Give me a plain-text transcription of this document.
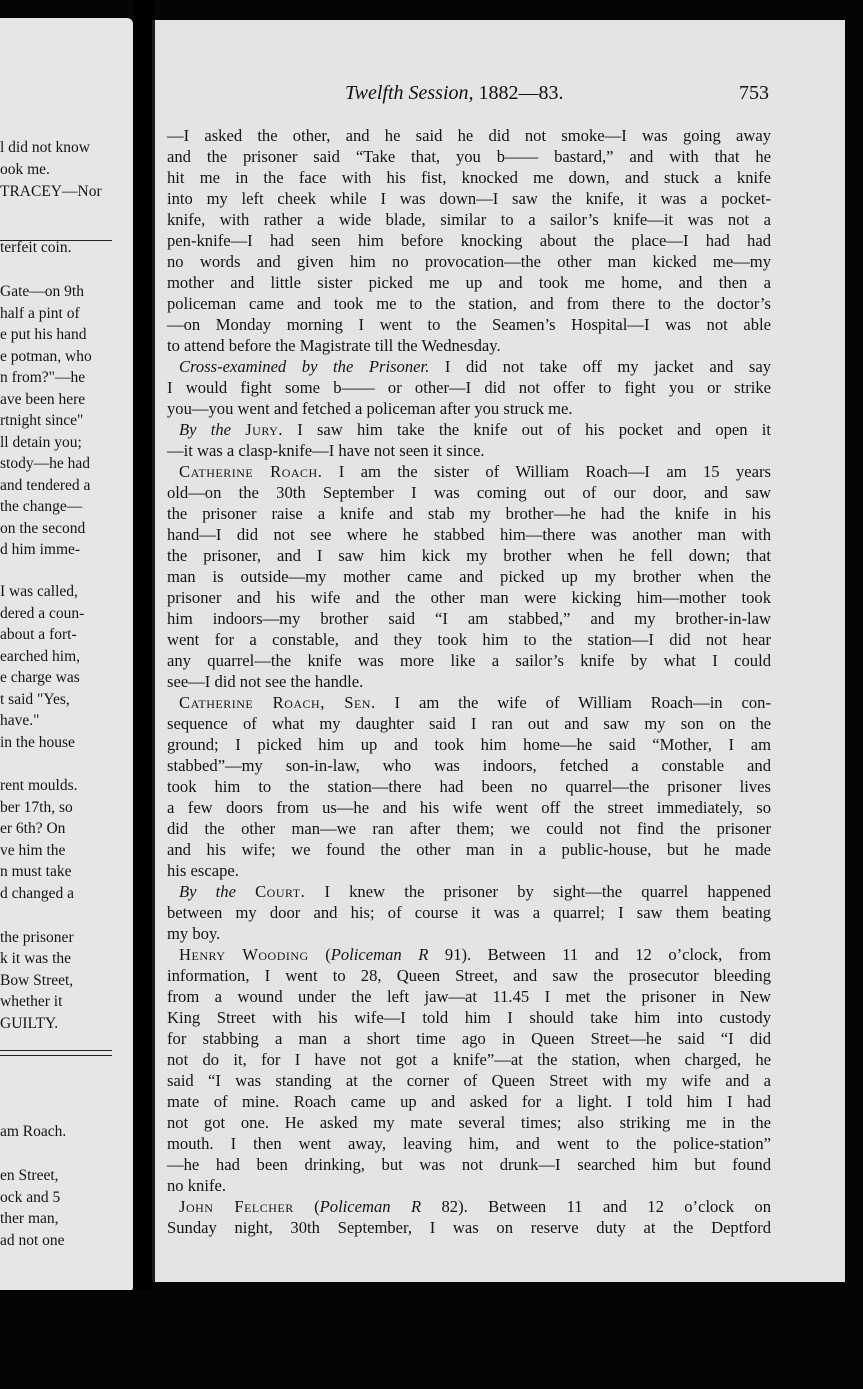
l did not know
ook me.
TRACEY—Nor
terfeit coin.
Gate—on 9th
half a pint of
e put his hand
e potman, who
n from?"—he
ave been here
rtnight since"
ll detain you;
stody—he had
and tendered a
the change—
on the second
d him imme-
I was called,
dered a coun-
about a fort-
earched him,
e charge was
t said "Yes,
have."
in the house
rent moulds.
ber 17th, so
er 6th? On
ve him the
n must take
d changed a
the prisoner
k it was the
Bow Street,
whether it
GUILTY.
am Roach.
en Street,
ock and 5
ther man,
ad not one
Twelfth Session, 1882—83.	753
—I asked the other, and he said he did not smoke—I was going away
and the prisoner said “Take that, you b—— bastard,” and with that he
hit me in the face with his fist, knocked me down, and stuck a knife
into my left cheek while I was down—I saw the knife, it was a pocket-
knife, with rather a wide blade, similar to a sailor’s knife—it was not a
pen-knife—I had seen him before knocking about the place—I had had
no words and given him no provocation—the other man kicked me—my
mother and little sister picked me up and took me home, and then a
policeman came and took me to the station, and from there to the doctor’s
—on Monday morning I went to the Seamen’s Hospital—I was not able
to attend before the Magistrate till the Wednesday.
Cross-examined by the Prisoner. I did not take off my jacket and say
I would fight some b—— or other—I did not offer to fight you or strike
you—you went and fetched a policeman after you struck me.
By the Jury. I saw him take the knife out of his pocket and open it
—it was a clasp-knife—I have not seen it since.
Catherine Roach. I am the sister of William Roach—I am 15 years
old—on the 30th September I was coming out of our door, and saw
the prisoner raise a knife and stab my brother—he had the knife in his
hand—I did not see where he stabbed him—there was another man with
the prisoner, and I saw him kick my brother when he fell down; that
man is outside—my mother came and picked up my brother when the
prisoner and his wife and the other man were kicking him—mother took
him indoors—my brother said “I am stabbed,” and my brother-in-law
went for a constable, and they took him to the station—I did not hear
any quarrel—the knife was more like a sailor’s knife by what I could
see—I did not see the handle.
Catherine Roach, Sen. I am the wife of William Roach—in con-
sequence of what my daughter said I ran out and saw my son on the
ground; I picked him up and took him home—he said “Mother, I am
stabbed”—my son-in-law, who was indoors, fetched a constable and
took him to the station—there had been no quarrel—the prisoner lives
a few doors from us—he and his wife went off the street immediately, so
did the other man—we ran after them; we could not find the prisoner
and his wife; we found the other man in a public-house, but he made
his escape.
By the Court. I knew the prisoner by sight—the quarrel happened
between my door and his; of course it was a quarrel; I saw them beating
my boy.
Henry Wooding (Policeman R 91). Between 11 and 12 o’clock, from
information, I went to 28, Queen Street, and saw the prosecutor bleeding
from a wound under the left jaw—at 11.45 I met the prisoner in New
King Street with his wife—I told him I should take him into custody
for stabbing a man a short time ago in Queen Street—he said “I did
not do it, for I have not got a knife”—at the station, when charged, he
said “I was standing at the corner of Queen Street with my wife and a
mate of mine. Roach came up and asked for a light. I told him I had
not got one. He asked my mate several times; also striking me in the
mouth. I then went away, leaving him, and went to the police-station”
—he had been drinking, but was not drunk—I searched him but found
no knife.
John Felcher (Policeman R 82). Between 11 and 12 o’clock on
Sunday night, 30th September, I was on reserve duty at the Deptford
